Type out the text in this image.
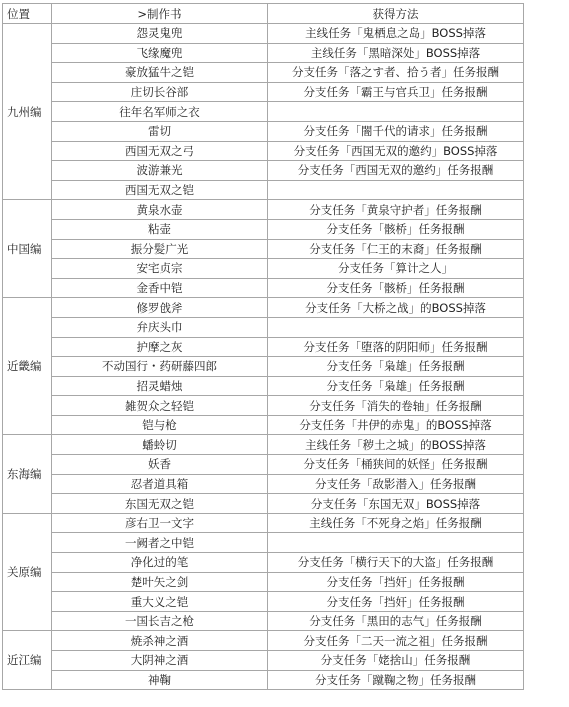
位置	>制作书	获得方法
九州编	怨灵鬼兜	主线任务「鬼栖息之岛」BOSS掉落
	飞缘魔兜	主线任务「黑暗深处」BOSS掉落
	豪放猛牛之铠	分支任务「落之す者、拾う者」任务报酬
	庄切长谷部	分支任务「霸王与官兵卫」任务报酬
	往年名军师之衣	
	雷切	分支任务「闇千代的请求」任务报酬
	西国无双之弓	分支任务「西国无双的邀约」BOSS掉落
	波游兼光	分支任务「西国无双的邀约」任务报酬
	西国无双之铠	
中国编	黄泉水壶	分支任务「黄泉守护者」任务报酬
	粘壶	分支任务「骸桥」任务报酬
	振分髪广光	分支任务「仁王的末裔」任务报酬
	安宅贞宗	分支任务「算计之人」
	金香中铠	分支任务「骸桥」任务报酬
近畿编	修罗戗斧	分支任务「大桥之战」的BOSS掉落
	弁庆头巾	
	护摩之灰	分支任务「堕落的阴阳师」任务报酬
	不动国行・药研藤四郎	分支任务「枭雄」任务报酬
	招灵蜡烛	分支任务「枭雄」任务报酬
	雑贺众之轻铠	分支任务「消失的卷轴」任务报酬
	铠与枪	分支任务「井伊的赤鬼」的BOSS掉落
东海编	蟠蛉切	主线任务「秽土之城」的BOSS掉落
	妖香	分支任务「桶狭间的妖怪」任务报酬
	忍者道具箱	分支任务「敌影潜入」任务报酬
	东国无双之铠	分支任务「东国无双」BOSS掉落
关原编	彦右卫一文字	主线任务「不死身之焰」任务报酬
	一阙者之中铠	
	净化过的笔	分支任务「横行天下的大盗」任务报酬
	楚叶矢之剑	分支任务「挡奸」任务报酬
	重大义之铠	分支任务「挡奸」任务报酬
	一国长吉之枪	分支任务「黑田的志气」任务报酬
近江编	焼杀神之酒	分支任务「二天一流之祖」任务报酬
	大阴神之酒	分支任务「姥捨山」任务报酬
	神鞠	分支任务「蹴鞠之物」任务报酬
